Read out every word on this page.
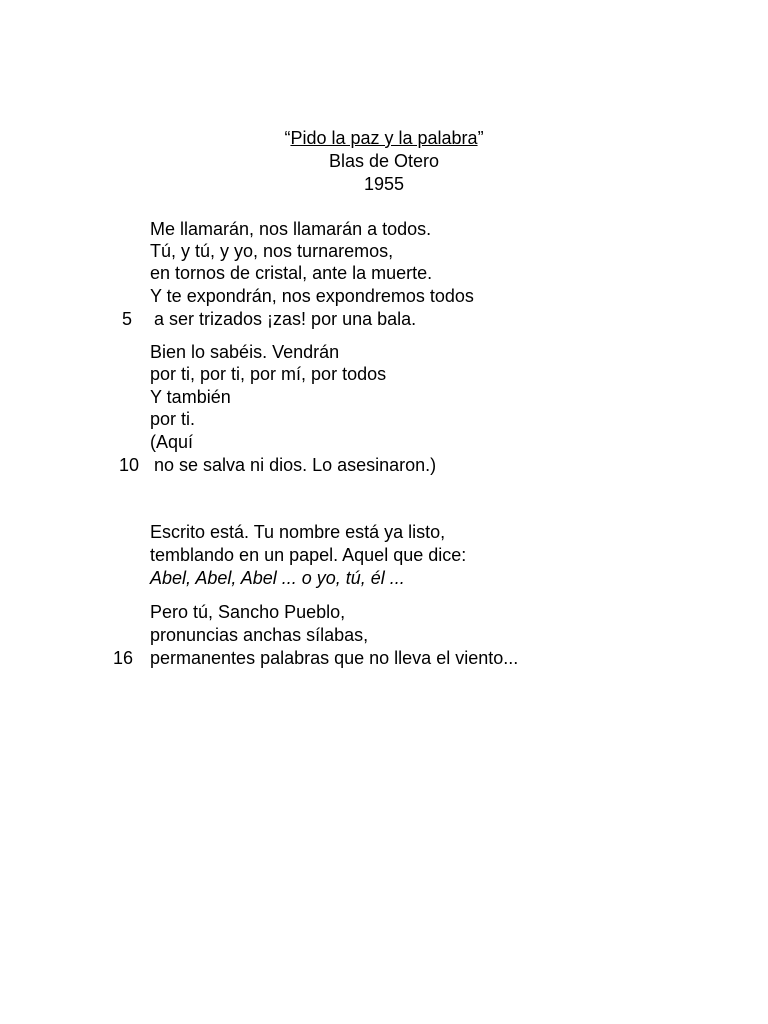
“Pido la paz y la palabra”
Blas de Otero
1955
Me llamarán, nos llamarán a todos.
Tú, y tú, y yo, nos turnaremos,
en tornos de cristal, ante la muerte.
Y te expondrán, nos expondremos todos
5 a ser trizados ¡zas! por una bala.
Bien lo sabéis. Vendrán
por ti, por ti, por mí, por todos
Y también
por ti.
(Aquí
10 no se salva ni dios. Lo asesinaron.)
Escrito está. Tu nombre está ya listo,
temblando en un papel. Aquel que dice:
Abel, Abel, Abel ... o yo, tú, él ...
Pero tú, Sancho Pueblo,
pronuncias anchas sílabas,
16 permanentes palabras que no lleva el viento...
